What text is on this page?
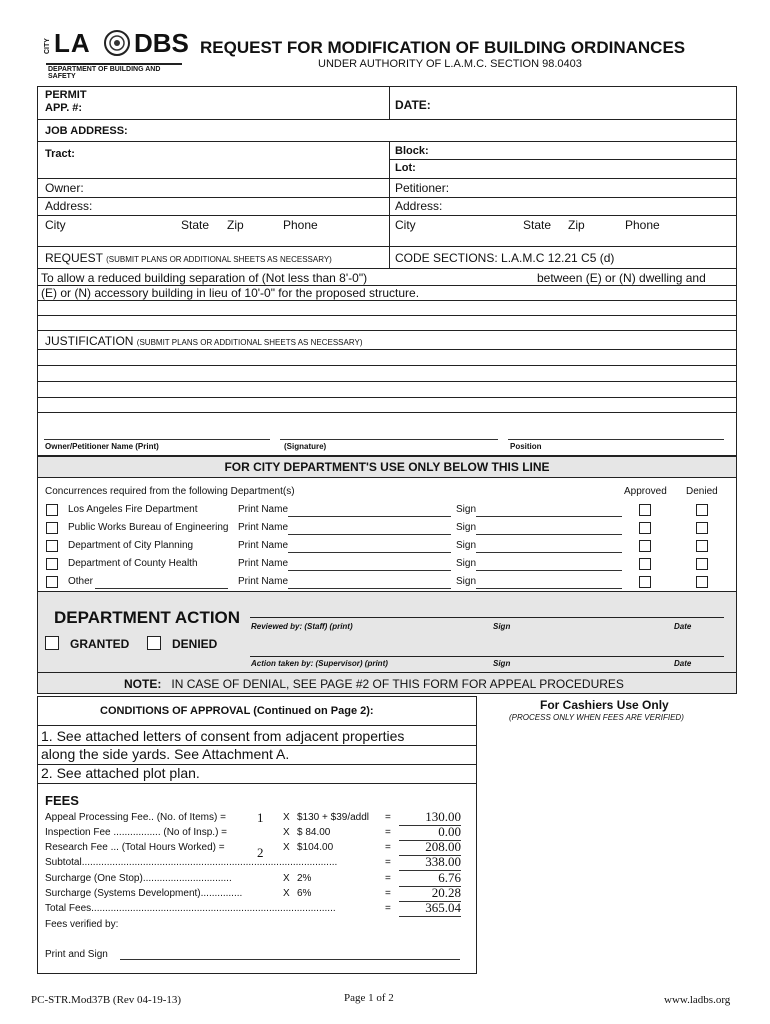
CITY LA DBS
DEPARTMENT OF BUILDING AND SAFETY
REQUEST FOR MODIFICATION OF BUILDING ORDINANCES
UNDER AUTHORITY OF L.A.M.C. SECTION 98.0403
PERMIT
APP. #:	DATE:
JOB ADDRESS:
Tract:	Block:
Lot:
Owner:	Petitioner:
Address:	Address:
City	State Zip	Phone	City	State Zip	Phone
REQUEST (SUBMIT PLANS OR ADDITIONAL SHEETS AS NECESSARY)	CODE SECTIONS: L.A.M.C 12.21 C5 (d)
To allow a reduced building separation of (Not less than 8'-0")	between (E) or (N) dwelling and
(E) or (N) accessory building in lieu of 10'-0" for the proposed structure.
JUSTIFICATION (SUBMIT PLANS OR ADDITIONAL SHEETS AS NECESSARY)
Owner/Petitioner Name (Print)	(Signature)	Position
FOR CITY DEPARTMENT'S USE ONLY BELOW THIS LINE
Concurrences required from the following Department(s)	Approved Denied
Los Angeles Fire Department	Print Name	Sign
Public Works Bureau of Engineering Print Name	Sign
Department of City Planning	Print Name	Sign
Department of County Health	Print Name	Sign
Other	Print Name	Sign
DEPARTMENT ACTION
GRANTED	DENIED
Reviewed by: (Staff) (print)	Sign	Date
Action taken by: (Supervisor) (print)	Sign	Date
NOTE: IN CASE OF DENIAL, SEE PAGE #2 OF THIS FORM FOR APPEAL PROCEDURES
CONDITIONS OF APPROVAL (Continued on Page 2):
1. See attached letters of consent from adjacent properties
along the side yards. See Attachment A.
2. See attached plot plan.
For Cashiers Use Only
(PROCESS ONLY WHEN FEES ARE VERIFIED)
FEES
Appeal Processing Fee.. (No. of Items) =	1 X $130 + $39/addl =	130.00
Inspection Fee ................. (No of Insp.) =	X $ 84.00	=	0.00
Research Fee ... (Total Hours Worked) =	2 X $104.00	=	208.00
Subtotal............................................................................................	=	338.00
Surcharge (One Stop)................................	X 2%	=	6.76
Surcharge (Systems Development)...............	X 6%	=	20.28
Total Fees........................................................................................	=	365.04
Fees verified by:
Print and Sign
PC-STR.Mod37B (Rev 04-19-13)	Page 1 of 2	www.ladbs.org
